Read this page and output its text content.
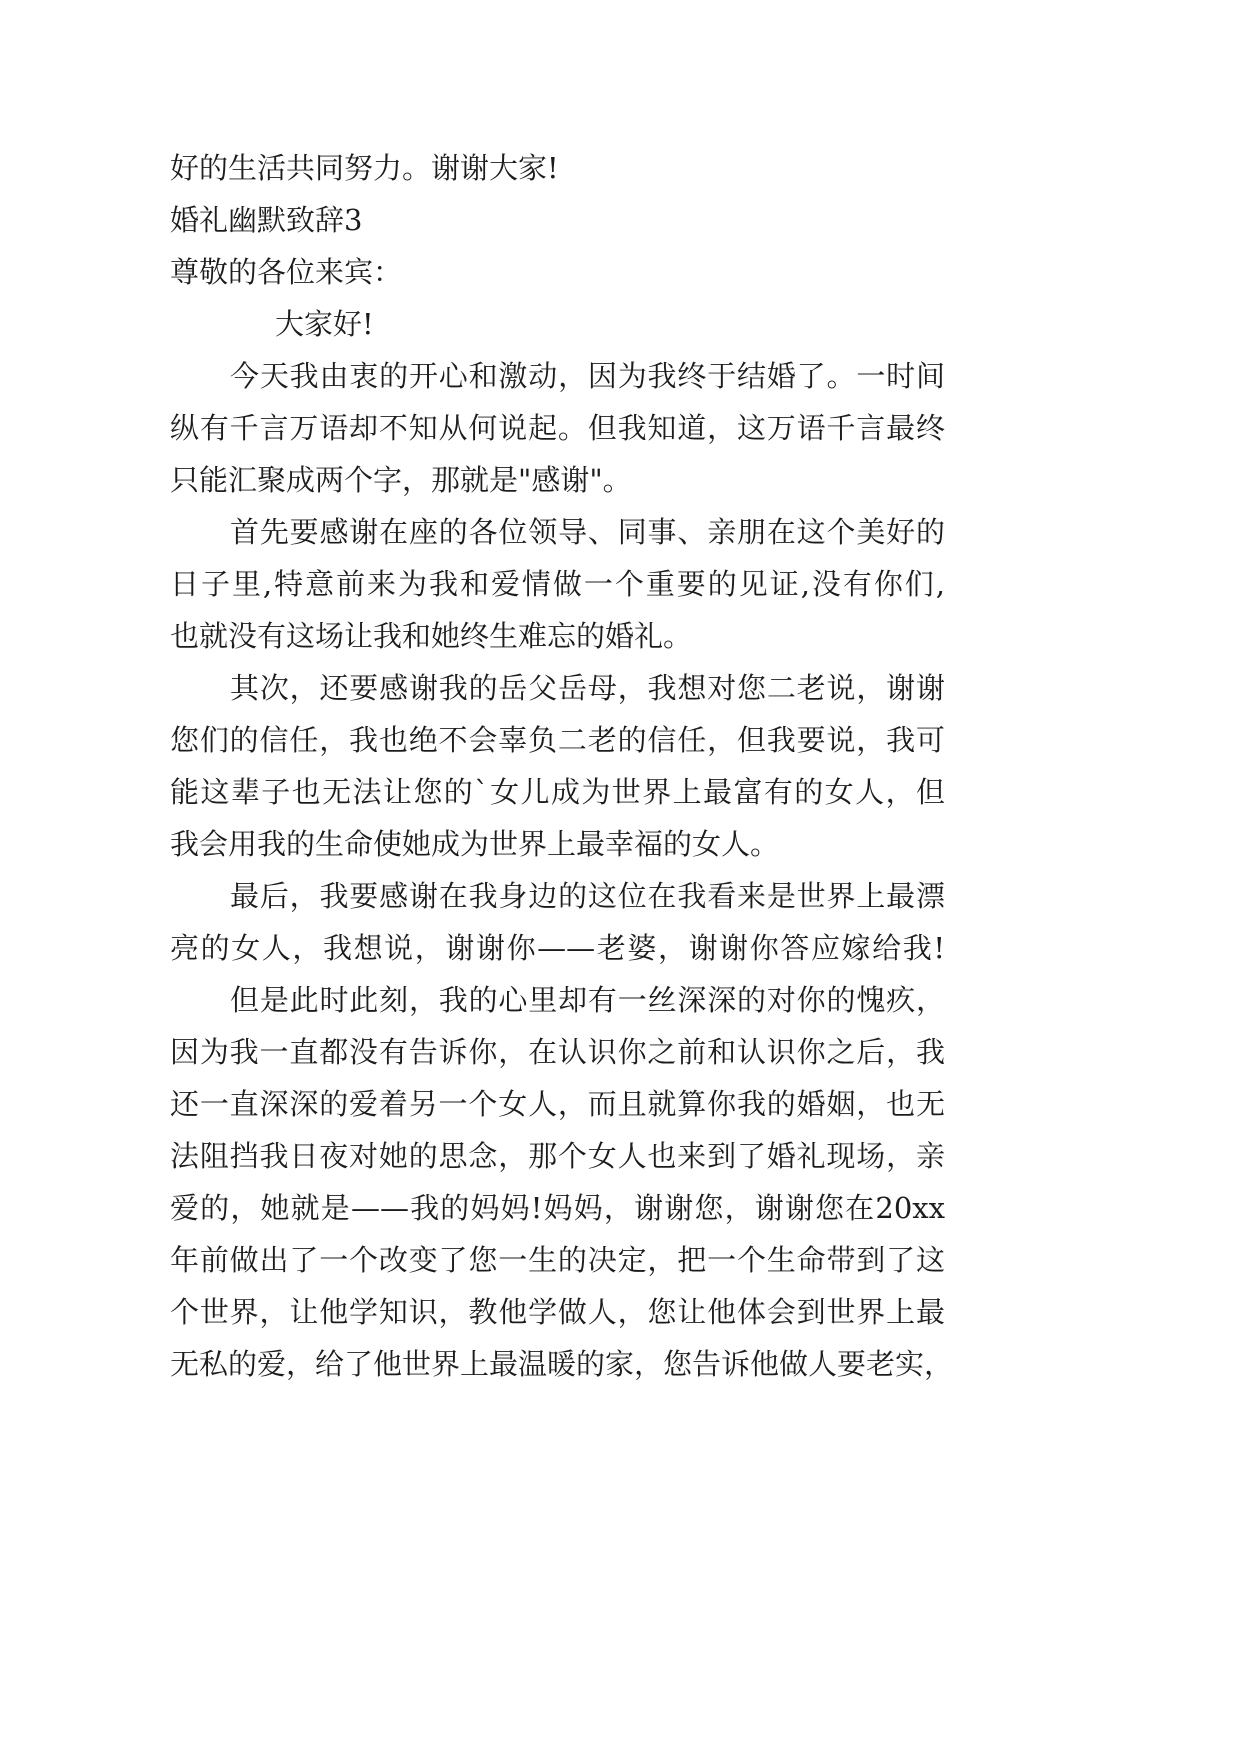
好的生活共同努力。谢谢大家!
婚礼幽默致辞3
尊敬的各位来宾：
大家好!
今天我由衷的开心和激动，因为我终于结婚了。一时间
纵有千言万语却不知从何说起。但我知道，这万语千言最终
只能汇聚成两个字，那就是"感谢"。
首先要感谢在座的各位领导、同事、亲朋在这个美好的
日子里,特意前来为我和爱情做一个重要的见证,没有你们,
也就没有这场让我和她终生难忘的婚礼。
其次，还要感谢我的岳父岳母，我想对您二老说，谢谢
您们的信任，我也绝不会辜负二老的信任，但我要说，我可
能这辈子也无法让您的`女儿成为世界上最富有的女人，但
我会用我的生命使她成为世界上最幸福的女人。
最后，我要感谢在我身边的这位在我看来是世界上最漂
亮的女人，我想说，谢谢你——老婆，谢谢你答应嫁给我!
但是此时此刻，我的心里却有一丝深深的对你的愧疚，
因为我一直都没有告诉你，在认识你之前和认识你之后，我
还一直深深的爱着另一个女人，而且就算你我的婚姻，也无
法阻挡我日夜对她的思念，那个女人也来到了婚礼现场，亲
爱的，她就是——我的妈妈!妈妈，谢谢您，谢谢您在20xx
年前做出了一个改变了您一生的决定，把一个生命带到了这
个世界，让他学知识，教他学做人，您让他体会到世界上最
无私的爱，给了他世界上最温暖的家，您告诉他做人要老实，
